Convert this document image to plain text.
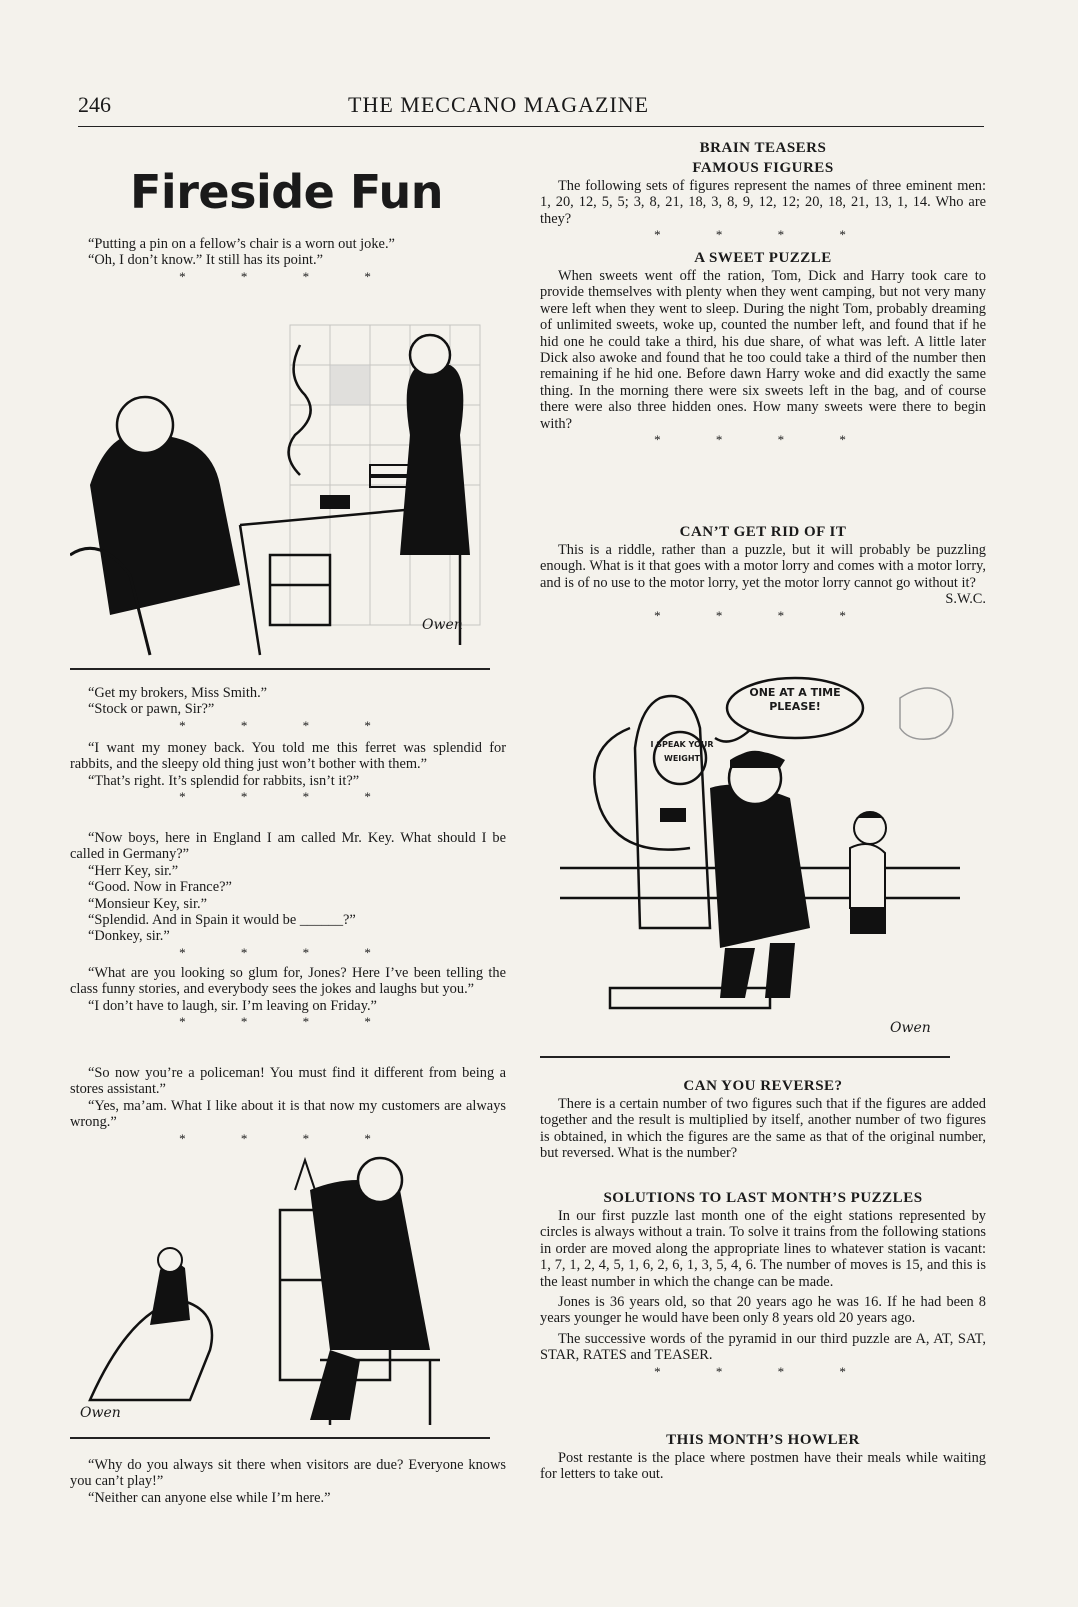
246	THE MECCANO MAGAZINE
Fireside Fun

“Putting a pin on a fellow’s chair is a worn out joke.”

“Oh, I don’t know.” It still has its point.”

* * * *
Owen

“Get my brokers, Miss Smith.”

“Stock or pawn, Sir?”

* * * *

“I want my money back. You told me this ferret was splendid for rabbits, and the sleepy old thing just won’t bother with them.”

“That’s right. It’s splendid for rabbits, isn’t it?”

* * * *

“Now boys, here in England I am called Mr. Key. What should I be called in Germany?”

“Herr Key, sir.”

“Good. Now in France?”

“Monsieur Key, sir.”

“Splendid. And in Spain it would be ______?”

“Donkey, sir.”

* * * *

“What are you looking so glum for, Jones? Here I’ve been telling the class funny stories, and everybody sees the jokes and laughs but you.”

“I don’t have to laugh, sir. I’m leaving on Friday.”

* * * *

“So now you’re a policeman! You must find it different from being a stores assistant.”

“Yes, ma’am. What I like about it is that now my customers are always wrong.”

* * * *
Owen

“Why do you always sit there when visitors are due? Everyone knows you can’t play!”

“Neither can anyone else while I’m here.”

BRAIN TEASERS
FAMOUS FIGURES

The following sets of figures represent the names of three eminent men: 1, 20, 12, 5, 5; 3, 8, 21, 18, 3, 8, 9, 12, 12; 20, 18, 21, 13, 1, 14. Who are they?

* * * *
A SWEET PUZZLE

When sweets went off the ration, Tom, Dick and Harry took care to provide themselves with plenty when they went camping, but not very many were left when they went to sleep. During the night Tom, probably dreaming of unlimited sweets, woke up, counted the number left, and found that if he hid one he could take a third, his due share, of what was left. A little later Dick also awoke and found that he too could take a third of the number then remaining if he hid one. Before dawn Harry woke and did exactly the same thing. In the morning there were six sweets left in the bag, and of course there were also three hidden ones. How many sweets were there to begin with?

* * * *
CAN’T GET RID OF IT

This is a riddle, rather than a puzzle, but it will probably be puzzling enough. What is it that goes with a motor lorry and comes with a motor lorry, and is of no use to the motor lorry, yet the motor lorry cannot go without it?

S.W.C.
* * * *
ONE AT A TIME PLEASE!
I SPEAK YOUR WEIGHT
Owen
CAN YOU REVERSE?

There is a certain number of two figures such that if the figures are added together and the result is multiplied by itself, another number of two figures is obtained, in which the figures are the same as that of the original number, but reversed. What is the number?

SOLUTIONS TO LAST MONTH’S PUZZLES

In our first puzzle last month one of the eight stations represented by circles is always without a train. To solve it trains from the following stations in order are moved along the appropriate lines to whatever station is vacant: 1, 7, 1, 2, 4, 5, 1, 6, 2, 6, 1, 3, 5, 4, 6. The number of moves is 15, and this is the least number in which the change can be made.

Jones is 36 years old, so that 20 years ago he was 16. If he had been 8 years younger he would have been only 8 years old 20 years ago.

The successive words of the pyramid in our third puzzle are A, AT, SAT, STAR, RATES and TEASER.

* * * *
THIS MONTH’S HOWLER

Post restante is the place where postmen have their meals while waiting for letters to take out.
